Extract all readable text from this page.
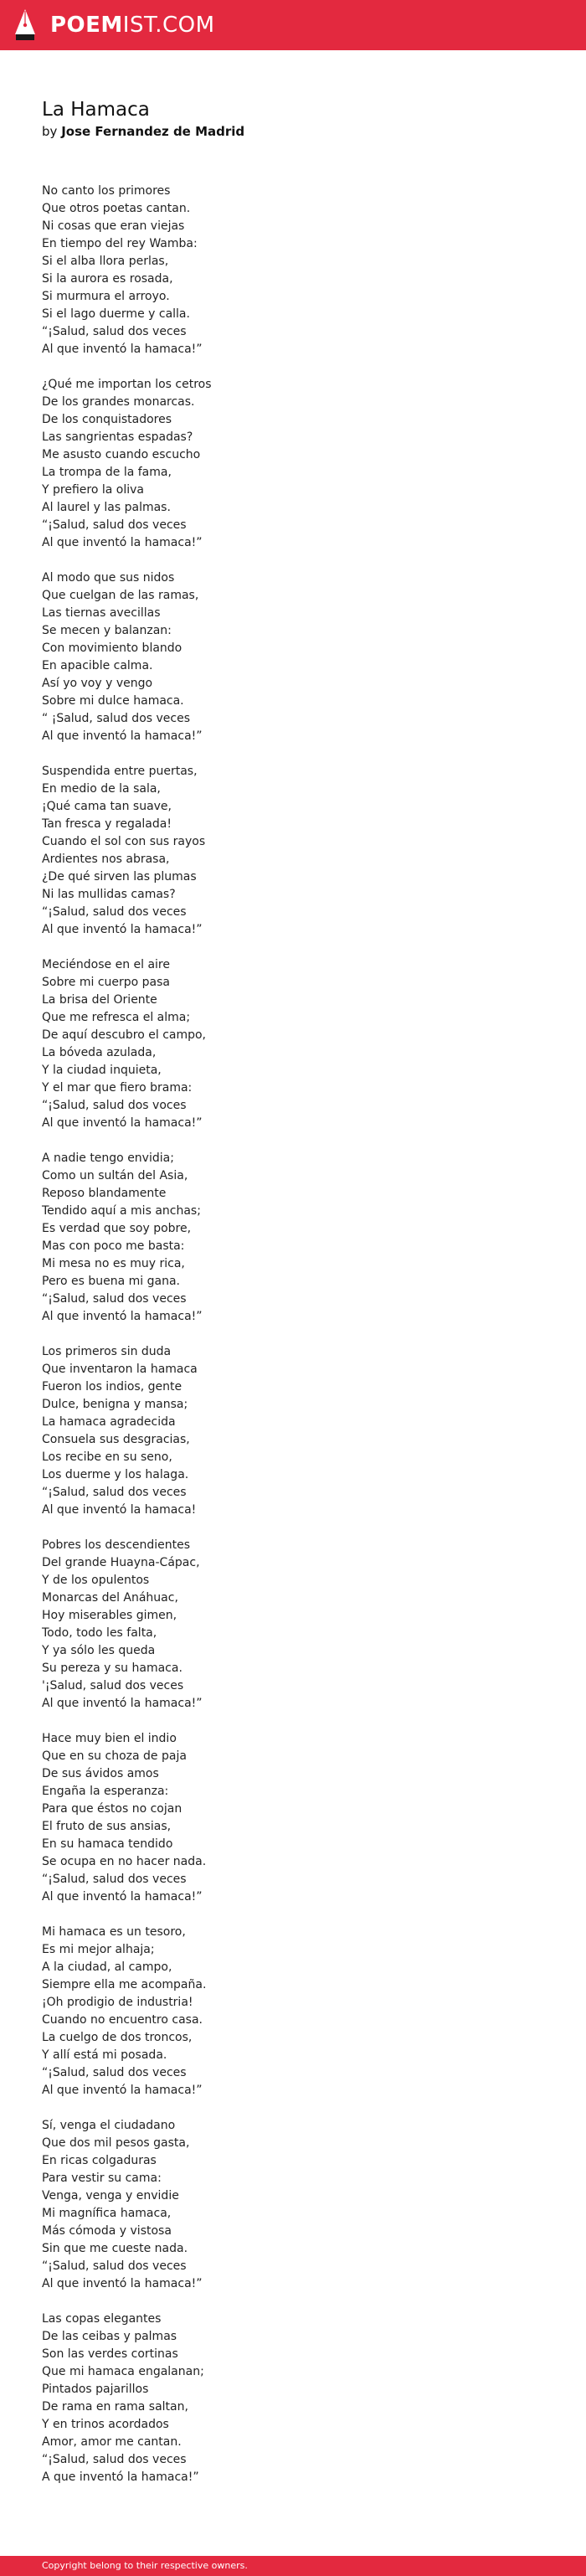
POEMIST.COM
La Hamaca
by Jose Fernandez de Madrid
No canto los primores
Que otros poetas cantan.
Ni cosas que eran viejas
En tiempo del rey Wamba:
Si el alba llora perlas,
Si la aurora es rosada,
Si murmura el arroyo.
Si el lago duerme y calla.
“¡Salud, salud dos veces
Al que inventó la hamaca!”
¿Qué me importan los cetros
De los grandes monarcas.
De los conquistadores
Las sangrientas espadas?
Me asusto cuando escucho
La trompa de la fama,
Y prefiero la oliva
Al laurel y las palmas.
“¡Salud, salud dos veces
Al que inventó la hamaca!”
Al modo que sus nidos
Que cuelgan de las ramas,
Las tiernas avecillas
Se mecen y balanzan:
Con movimiento blando
En apacible calma.
Así yo voy y vengo
Sobre mi dulce hamaca.
“ ¡Salud, salud dos veces
Al que inventó la hamaca!”
Suspendida entre puertas,
En medio de la sala,
¡Qué cama tan suave,
Tan fresca y regalada!
Cuando el sol con sus rayos
Ardientes nos abrasa,
¿De qué sirven las plumas
Ni las mullidas camas?
“¡Salud, salud dos veces
Al que inventó la hamaca!”
Meciéndose en el aire
Sobre mi cuerpo pasa
La brisa del Oriente
Que me refresca el alma;
De aquí descubro el campo,
La bóveda azulada,
Y la ciudad inquieta,
Y el mar que fiero brama:
“¡Salud, salud dos voces
Al que inventó la hamaca!”
A nadie tengo envidia;
Como un sultán del Asia,
Reposo blandamente
Tendido aquí a mis anchas;
Es verdad que soy pobre,
Mas con poco me basta:
Mi mesa no es muy rica,
Pero es buena mi gana.
“¡Salud, salud dos veces
Al que inventó la hamaca!”
Los primeros sin duda
Que inventaron la hamaca
Fueron los indios, gente
Dulce, benigna y mansa;
La hamaca agradecida
Consuela sus desgracias,
Los recibe en su seno,
Los duerme y los halaga.
“¡Salud, salud dos veces
Al que inventó la hamaca!
Pobres los descendientes
Del grande Huayna-Cápac,
Y de los opulentos
Monarcas del Anáhuac,
Hoy miserables gimen,
Todo, todo les falta,
Y ya sólo les queda
Su pereza y su hamaca.
'¡Salud, salud dos veces
Al que inventó la hamaca!”
Hace muy bien el indio
Que en su choza de paja
De sus ávidos amos
Engaña la esperanza:
Para que éstos no cojan
El fruto de sus ansias,
En su hamaca tendido
Se ocupa en no hacer nada.
“¡Salud, salud dos veces
Al que inventó la hamaca!”
Mi hamaca es un tesoro,
Es mi mejor alhaja;
A la ciudad, al campo,
Siempre ella me acompaña.
¡Oh prodigio de industria!
Cuando no encuentro casa.
La cuelgo de dos troncos,
Y allí está mi posada.
“¡Salud, salud dos veces
Al que inventó la hamaca!”
Sí, venga el ciudadano
Que dos mil pesos gasta,
En ricas colgaduras
Para vestir su cama:
Venga, venga y envidie
Mi magnífica hamaca,
Más cómoda y vistosa
Sin que me cueste nada.
“¡Salud, salud dos veces
Al que inventó la hamaca!”
Las copas elegantes
De las ceibas y palmas
Son las verdes cortinas
Que mi hamaca engalanan;
Pintados pajarillos
De rama en rama saltan,
Y en trinos acordados
Amor, amor me cantan.
“¡Salud, salud dos veces
A que inventó la hamaca!”
Copyright belong to their respective owners.
